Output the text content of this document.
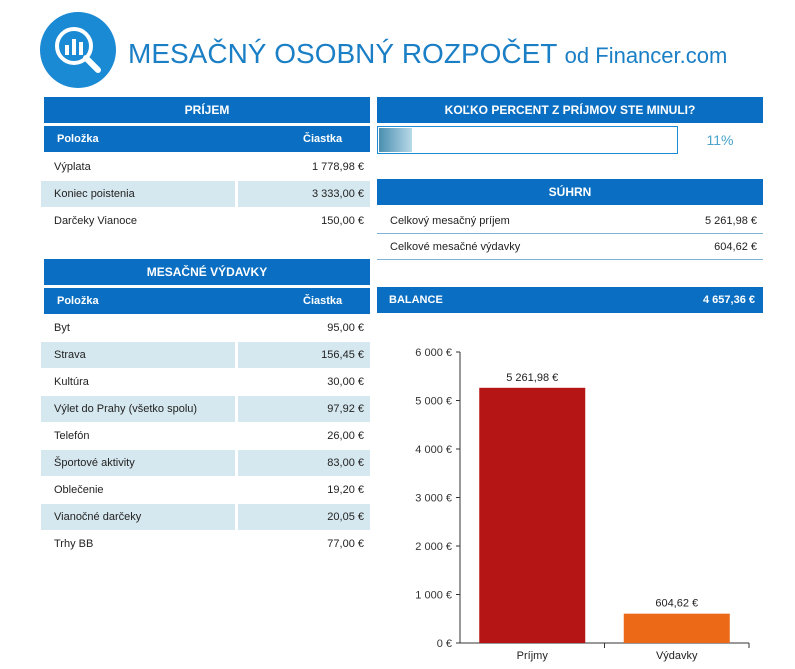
MESAČNÝ OSOBNÝ ROZPOČET od Financer.com
PRÍJEM
Položka	Čiastka
Výplata	1 778,98 €
Koniec poistenia	3 333,00 €
Darčeky Vianoce	150,00 €
MESAČNÉ VÝDAVKY
Položka	Čiastka
Byt	95,00 €
Strava	156,45 €
Kultúra	30,00 €
Výlet do Prahy (všetko spolu)	97,92 €
Telefón	26,00 €
Športové aktivity	83,00 €
Oblečenie	19,20 €
Vianočné darčeky	20,05 €
Trhy BB	77,00 €
KOĽKO PERCENT Z PRÍJMOV STE MINULI?
11%
SÚHRN
Celkový mesačný príjem	5 261,98 €
Celkové mesačné výdavky	604,62 €
BALANCE	4 657,36 €
0 €
1 000 €
2 000 €
3 000 €
4 000 €
5 000 €
6 000 €
5 261,98 €
Príjmy
604,62 €
Výdavky
